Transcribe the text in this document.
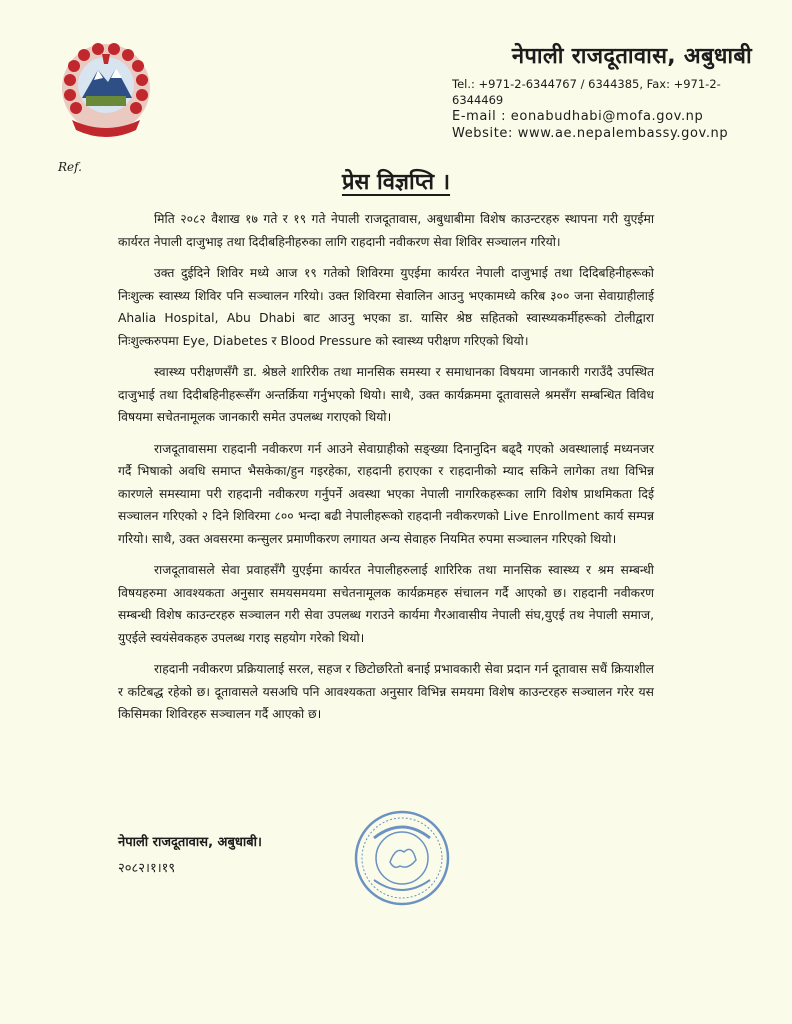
नेपाली राजदूतावास, अबुधाबी
Tel.: +971-2-6344767 / 6344385, Fax: +971-2-6344469
E-mail : eonabudhabi@mofa.gov.np
Website: www.ae.nepalembassy.gov.np
Ref.
प्रेस विज्ञप्ति ।

मिति २०८२ वैशाख १७ गते र १९ गते नेपाली राजदूतावास, अबुधाबीमा विशेष काउन्टरहरु स्थापना गरी युएईमा कार्यरत नेपाली दाजुभाइ तथा दिदीबहिनीहरुका लागि राहदानी नवीकरण सेवा शिविर सञ्चालन गरियो।

उक्त दुईदिने शिविर मध्ये आज १९ गतेको शिविरमा युएईमा कार्यरत नेपाली दाजुभाई तथा दिदिबहिनीहरूको निःशुल्क स्वास्थ्य शिविर पनि सञ्चालन गरियो। उक्त शिविरमा सेवालिन आउनु भएकामध्ये करिब ३०० जना सेवाग्राहीलाई Ahalia Hospital, Abu Dhabi बाट आउनु भएका डा. यासिर श्रेष्ठ सहितको स्वास्थ्यकर्मीहरूको टोलीद्वारा निःशुल्करुपमा Eye, Diabetes र Blood Pressure को स्वास्थ्य परीक्षण गरिएको थियो।

स्वास्थ्य परीक्षणसँगै डा. श्रेष्ठले शारिरीक तथा मानसिक समस्या र समाधानका विषयमा जानकारी गराउँदै उपस्थित दाजुभाई तथा दिदीबहिनीहरूसँग अन्तर्क्रिया गर्नुभएको थियो। साथै, उक्त कार्यक्रममा दूतावासले श्रमसँग सम्बन्धित विविध विषयमा सचेतनामूलक जानकारी समेत उपलब्ध गराएको थियो।

राजदूतावासमा राहदानी नवीकरण गर्न आउने सेवाग्राहीको सङ्ख्या दिनानुदिन बढ्दै गएको अवस्थालाई मध्यनजर गर्दै भिषाको अवधि समाप्त भैसकेका/हुन गइरहेका, राहदानी हराएका र राहदानीको म्याद सकिने लागेका तथा विभिन्न कारणले समस्यामा परी राहदानी नवीकरण गर्नुपर्ने अवस्था भएका नेपाली नागरिकहरूका लागि विशेष प्राथमिकता दिई सञ्चालन गरिएको २ दिने शिविरमा ८०० भन्दा बढी नेपालीहरूको राहदानी नवीकरणको Live Enrollment कार्य सम्पन्न गरियो। साथै, उक्त अवसरमा कन्सुलर प्रमाणीकरण लगायत अन्य सेवाहरु नियमित रुपमा सञ्चालन गरिएको थियो।

राजदूतावासले सेवा प्रवाहसँगै युएईमा कार्यरत नेपालीहरुलाई शारिरिक तथा मानसिक स्वास्थ्य र श्रम सम्बन्धी विषयहरुमा आवश्यकता अनुसार समयसमयमा सचेतनामूलक कार्यक्रमहरु संचालन गर्दै आएको छ। राहदानी नवीकरण सम्बन्धी विशेष काउन्टरहरु सञ्चालन गरी सेवा उपलब्ध गराउने कार्यमा गैरआवासीय नेपाली संघ,युएई तथ नेपाली समाज, युएईले स्वयंसेवकहरु उपलब्ध गराइ सहयोग गरेको थियो।

राहदानी नवीकरण प्रक्रियालाई सरल, सहज र छिटोछरितो बनाई प्रभावकारी सेवा प्रदान गर्न दूतावास सधैं क्रियाशील र कटिबद्ध रहेको छ। दूतावासले यसअघि पनि आवश्यकता अनुसार विभिन्न समयमा विशेष काउन्टरहरु सञ्चालन गरेर यस किसिमका शिविरहरु सञ्चालन गर्दै आएको छ।

नेपाली राजदूतावास, अबुधाबी।
२०८२।१।१९
